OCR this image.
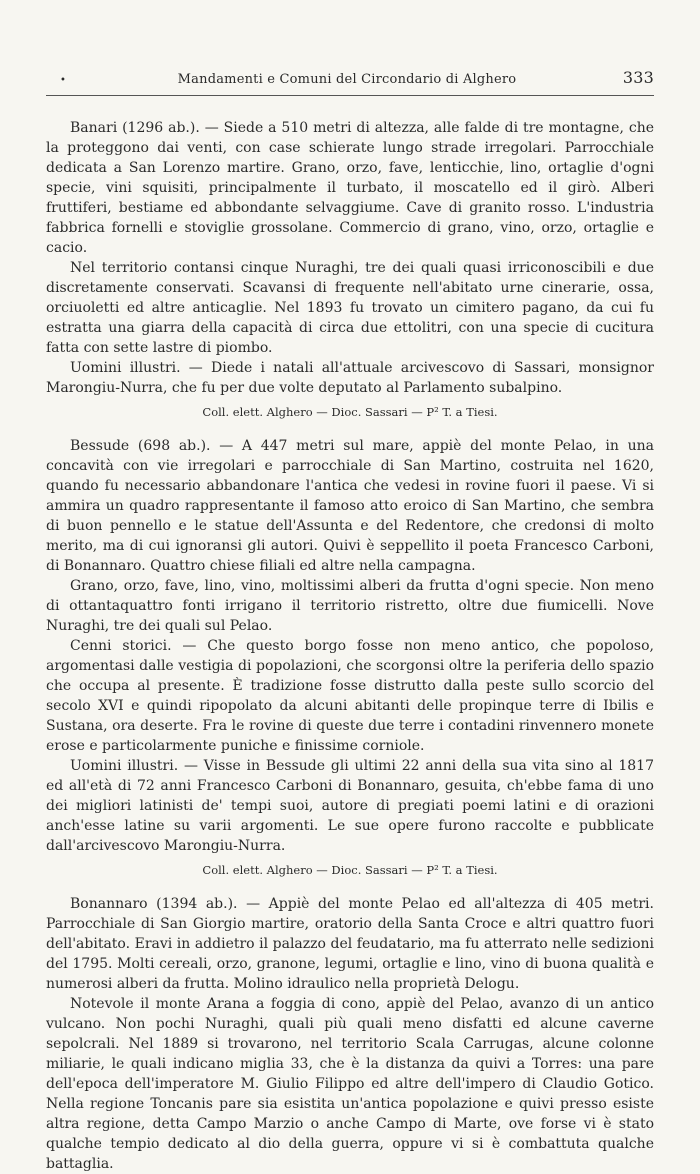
•	Mandamenti e Comuni del Circondario di Alghero	333

Banari (1296 ab.). — Siede a 510 metri di altezza, alle falde di tre montagne, che la proteggono dai venti, con case schierate lungo strade irregolari. Parrocchiale dedicata a San Lorenzo martire. Grano, orzo, fave, lenticchie, lino, ortaglie d'ogni specie, vini squisiti, principalmente il turbato, il moscatello ed il girò. Alberi fruttiferi, bestiame ed abbondante selvaggiume. Cave di granito rosso. L'industria fabbrica fornelli e stoviglie grossolane. Commercio di grano, vino, orzo, ortaglie e cacio.

Nel territorio contansi cinque Nuraghi, tre dei quali quasi irriconoscibili e due discretamente conservati. Scavansi di frequente nell'abitato urne cinerarie, ossa, orciuoletti ed altre anticaglie. Nel 1893 fu trovato un cimitero pagano, da cui fu estratta una giarra della capacità di circa due ettolitri, con una specie di cucitura fatta con sette lastre di piombo.

Uomini illustri. — Diede i natali all'attuale arcivescovo di Sassari, monsignor Marongiu-Nurra, che fu per due volte deputato al Parlamento subalpino.

Coll. elett. Alghero — Dioc. Sassari — P² T. a Tiesi.

Bessude (698 ab.). — A 447 metri sul mare, appiè del monte Pelao, in una concavità con vie irregolari e parrocchiale di San Martino, costruita nel 1620, quando fu necessario abbandonare l'antica che vedesi in rovine fuori il paese. Vi si ammira un quadro rappresentante il famoso atto eroico di San Martino, che sembra di buon pennello e le statue dell'Assunta e del Redentore, che credonsi di molto merito, ma di cui ignoransi gli autori. Quivi è seppellito il poeta Francesco Carboni, di Bonannaro. Quattro chiese filiali ed altre nella campagna.

Grano, orzo, fave, lino, vino, moltissimi alberi da frutta d'ogni specie. Non meno di ottantaquattro fonti irrigano il territorio ristretto, oltre due fiumicelli. Nove Nuraghi, tre dei quali sul Pelao.

Cenni storici. — Che questo borgo fosse non meno antico, che popoloso, argomentasi dalle vestigia di popolazioni, che scorgonsi oltre la periferia dello spazio che occupa al presente. È tradizione fosse distrutto dalla peste sullo scorcio del secolo XVI e quindi ripopolato da alcuni abitanti delle propinque terre di Ibilis e Sustana, ora deserte. Fra le rovine di queste due terre i contadini rinvennero monete erose e particolarmente puniche e finissime corniole.

Uomini illustri. — Visse in Bessude gli ultimi 22 anni della sua vita sino al 1817 ed all'età di 72 anni Francesco Carboni di Bonannaro, gesuita, ch'ebbe fama di uno dei migliori latinisti de' tempi suoi, autore di pregiati poemi latini e di orazioni anch'esse latine su varii argomenti. Le sue opere furono raccolte e pubblicate dall'arcivescovo Marongiu-Nurra.

Coll. elett. Alghero — Dioc. Sassari — P² T. a Tiesi.

Bonannaro (1394 ab.). — Appiè del monte Pelao ed all'altezza di 405 metri. Parrocchiale di San Giorgio martire, oratorio della Santa Croce e altri quattro fuori dell'abitato. Eravi in addietro il palazzo del feudatario, ma fu atterrato nelle sedizioni del 1795. Molti cereali, orzo, granone, legumi, ortaglie e lino, vino di buona qualità e numerosi alberi da frutta. Molino idraulico nella proprietà Delogu.

Notevole il monte Arana a foggia di cono, appiè del Pelao, avanzo di un antico vulcano. Non pochi Nuraghi, quali più quali meno disfatti ed alcune caverne sepolcrali. Nel 1889 si trovarono, nel territorio Scala Carrugas, alcune colonne miliarie, le quali indicano miglia 33, che è la distanza da quivi a Torres: una pare dell'epoca dell'imperatore M. Giulio Filippo ed altre dell'impero di Claudio Gotico. Nella regione Toncanis pare sia esistita un'antica popolazione e quivi presso esiste altra regione, detta Campo Marzio o anche Campo di Marte, ove forse vi è stato qualche tempio dedicato al dio della guerra, oppure vi si è combattuta qualche battaglia.
